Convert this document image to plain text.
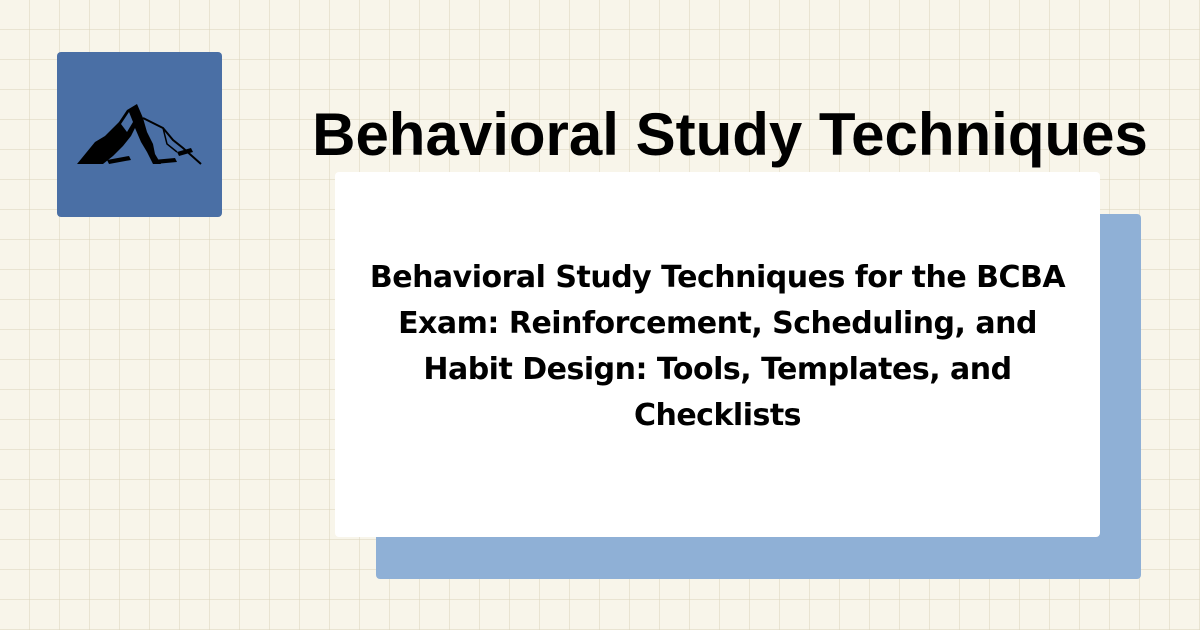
Behavioral Study Techniques

Behavioral Study Techniques for the BCBA Exam: Reinforcement, Scheduling, and Habit Design: Tools, Templates, and Checklists
